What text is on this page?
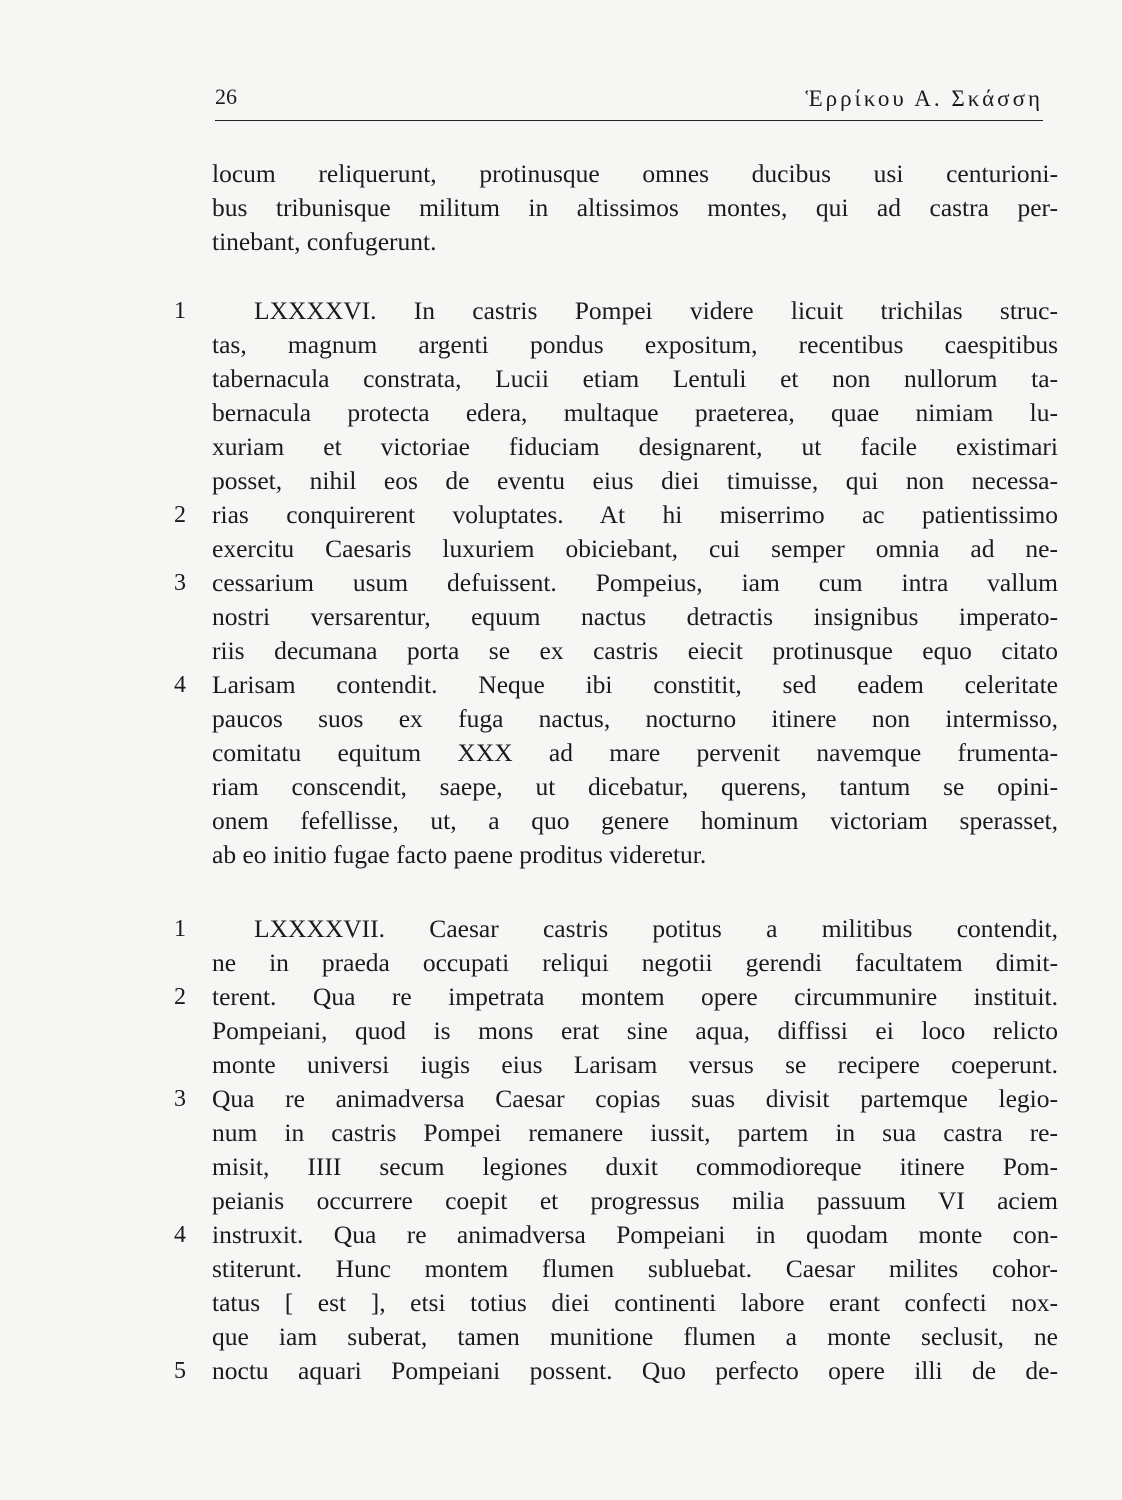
26	Ἑρρίκου Α. Σκάσση
locum reliquerunt, protinusque omnes ducibus usi centurioni-
bus tribunisque militum in altissimos montes, qui ad castra per-
tinebant, confugerunt.
1	LXXXXVI. In castris Pompei videre licuit trichilas struc-
tas, magnum argenti pondus expositum, recentibus caespitibus
tabernacula constrata, Lucii etiam Lentuli et non nullorum ta-
bernacula protecta edera, multaque praeterea, quae nimiam lu-
xuriam et victoriae fiduciam designarent, ut facile existimari
posset, nihil eos de eventu eius diei timuisse, qui non necessa-
2	rias conquirerent voluptates. At hi miserrimo ac patientissimo
exercitu Caesaris luxuriem obiciebant, cui semper omnia ad ne-
3	cessarium usum defuissent. Pompeius, iam cum intra vallum
nostri versarentur, equum nactus detractis insignibus imperato-
riis decumana porta se ex castris eiecit protinusque equo citato
4	Larisam contendit. Neque ibi constitit, sed eadem celeritate
paucos suos ex fuga nactus, nocturno itinere non intermisso,
comitatu equitum XXX ad mare pervenit navemque frumenta-
riam conscendit, saepe, ut dicebatur, querens, tantum se opini-
onem fefellisse, ut, a quo genere hominum victoriam sperasset,
ab eo initio fugae facto paene proditus videretur.
1	LXXXXVII. Caesar castris potitus a militibus contendit,
ne in praeda occupati reliqui negotii gerendi facultatem dimit-
2	terent. Qua re impetrata montem opere circummunire instituit.
Pompeiani, quod is mons erat sine aqua, diffissi ei loco relicto
monte universi iugis eius Larisam versus se recipere coeperunt.
3	Qua re animadversa Caesar copias suas divisit partemque legio-
num in castris Pompei remanere iussit, partem in sua castra re-
misit, IIII secum legiones duxit commodioreque itinere Pom-
peianis occurrere coepit et progressus milia passuum VI aciem
4	instruxit. Qua re animadversa Pompeiani in quodam monte con-
stiterunt. Hunc montem flumen subluebat. Caesar milites cohor-
tatus [ est ], etsi totius diei continenti labore erant confecti nox-
que iam suberat, tamen munitione flumen a monte seclusit, ne
5	noctu aquari Pompeiani possent. Quo perfecto opere illi de de-
